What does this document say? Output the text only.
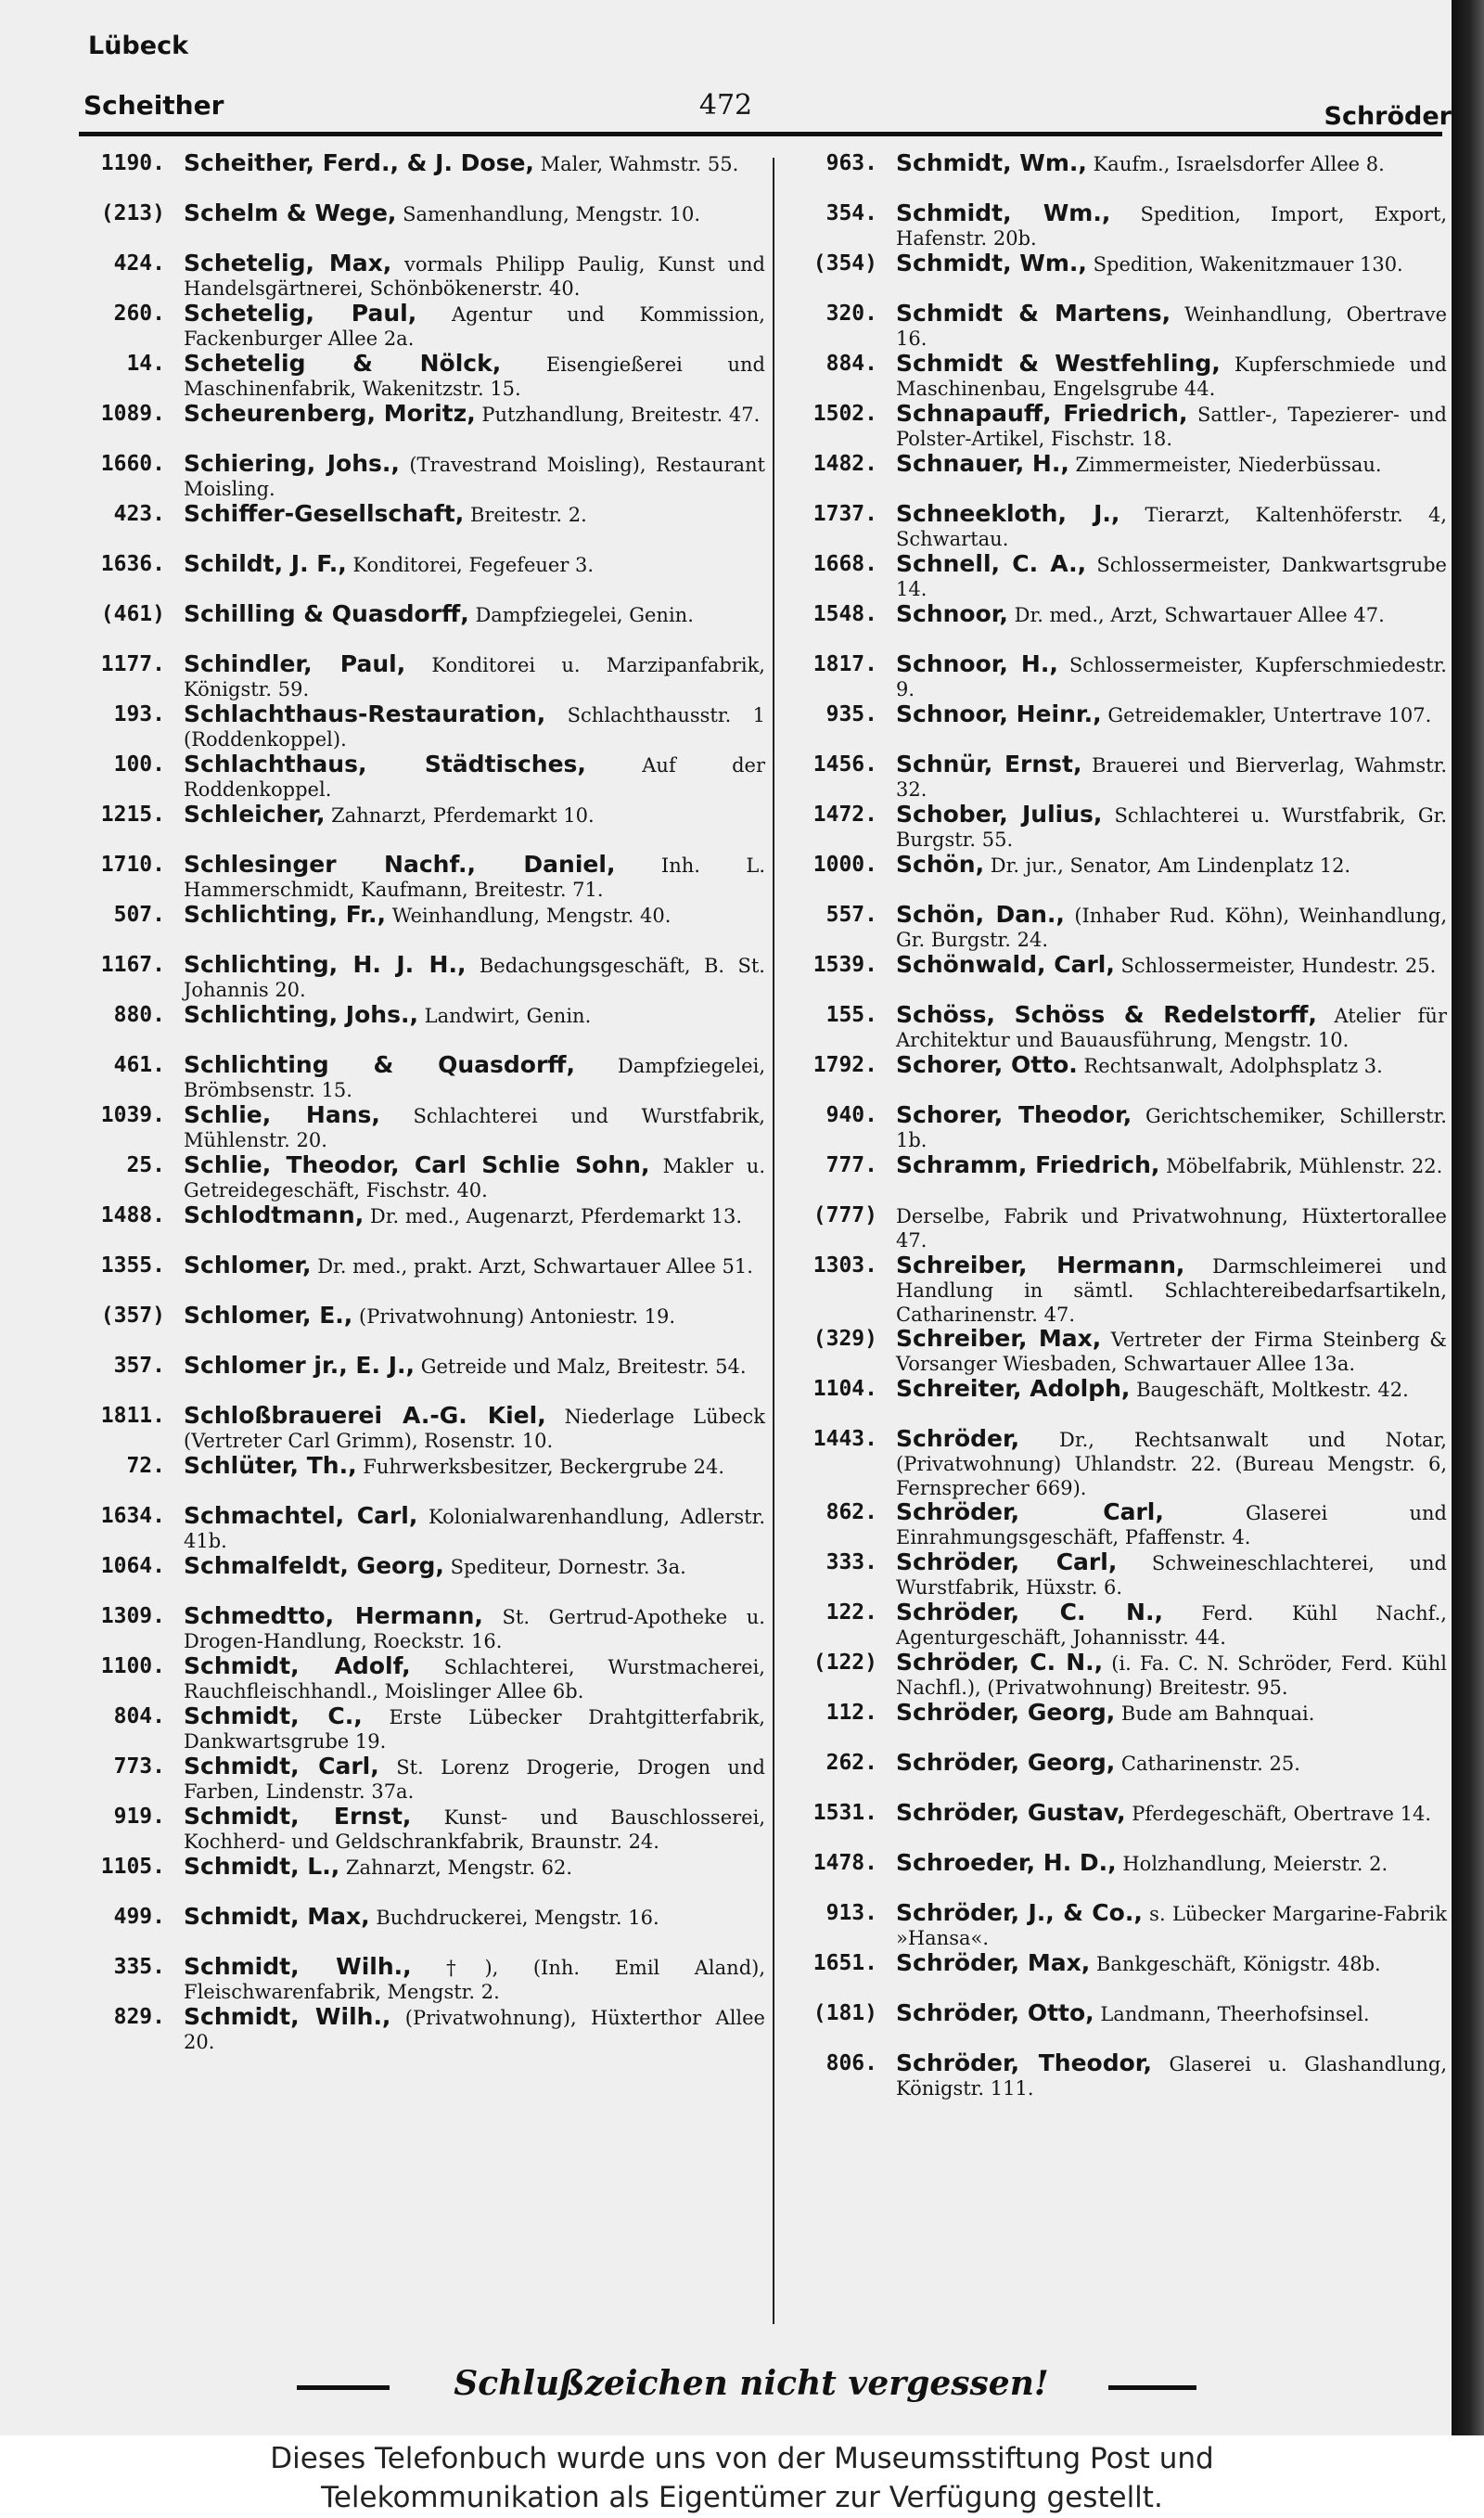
Lübeck
Scheither	472	Schröder
1190. Scheither, Ferd., & J. Dose, Maler, Wahmstr. 55.
(213) Schelm & Wege, Samenhandlung, Mengstr. 10.
424. Scheteliɡ, Max, vormals Philipp Paulig, Kunst und Handelsgärtnerei, Schönbökenerstr. 40.
260. Schetelig, Paul, Agentur und Kommission, Fackenburger Allee 2a.
14. Schetelig & Nölck, Eisengießerei und Maschinenfabrik, Wakenitzstr. 15.
1089. Scheurenberg, Moritz, Putzhandlung, Breitestr. 47.
1660. Schiering, Johs., (Travestrand Moisling), Restaurant Moisling.
423. Schiffer-Gesellschaft, Breitestr. 2.
1636. Schildt, J. F., Konditorei, Fegefeuer 3.
(461) Schilling & Quasdorff, Dampfziegelei, Genin.
1177. Schindler, Paul, Konditorei u. Marzipanfabrik, Königstr. 59.
193. Schlachthaus-Restauration, Schlachthausstr. 1 (Roddenkoppel).
100. Schlachthaus, Städtisches,	Auf der Roddenkoppel.
1215. Schleicher, Zahnarzt, Pferdemarkt 10.
1710. Schlesinger Nachf., Daniel, Inh. L. Hammerschmidt, Kaufmann, Breitestr. 71.
507. Schlichting, Fr., Weinhandlung, Mengstr. 40.
1167. Schlichting, H. J. H., Bedachungsgeschäft, B. St. Johannis 20.
880. Schlichting, Johs., Landwirt, Genin.
461. Schlichting & Quasdorff, Dampfziegelei, Brömbsenstr. 15.
1039. Schlie, Hans, Schlachterei und Wurstfabrik, Mühlenstr. 20.
25. Schlie, Theodor, Carl Schlie Sohn, Makler u. Getreidegeschäft, Fischstr. 40.
1488. Schlodtmann, Dr. med., Augenarzt, Pferdemarkt 13.
1355. Schlomer, Dr. med., prakt. Arzt, Schwartauer Allee 51.
(357) Schlomer, E., (Privatwohnung) Antoniestr. 19.
357. Schlomer jr., E. J., Getreide und Malz, Breitestr. 54.
1811. Schloßbrauerei A.-G. Kiel, Niederlage Lübeck (Vertreter Carl Grimm), Rosenstr. 10.
72. Schlüter, Th., Fuhrwerksbesitzer, Beckergrube 24.
1634. Schmachtel, Carl, Kolonialwarenhandlung, Adlerstr. 41b.
1064. Schmalfeldt, Georg, Spediteur, Dornestr. 3a.
1309. Schmedtto, Hermann, St. Gertrud-Apotheke u. Drogen-Handlung, Roeckstr. 16.
1100. Schmidt, Adolf, Schlachterei, Wurstmacherei, Rauchfleischhandl., Moislinger Allee 6b.
804. Schmidt, C., Erste Lübecker Drahtgitterfabrik, Dankwartsgrube 19.
773. Schmidt, Carl, St. Lorenz Drogerie, Drogen und Farben, Lindenstr. 37a.
919. Schmidt, Ernst, Kunst- und Bauschlosserei, Kochherd- und Geldschrankfabrik, Braunstr. 24.
1105. Schmidt, L., Zahnarzt, Mengstr. 62.
499. Schmidt, Max, Buchdruckerei, Mengstr. 16.
335. Schmidt, Wilh., †), (Inh. Emil Aland), Fleischwarenfabrik, Mengstr. 2.
829. Schmidt, Wilh., (Privatwohnung), Hüxterthor Allee 20.
963. Schmidt, Wm., Kaufm., Israelsdorfer Allee 8.
354. Schmidt, Wm., Spedition, Import, Export, Hafenstr. 20b.
(354) Schmidt, Wm., Spedition, Wakenitzmauer 130.
320. Schmidt & Martens, Weinhandlung, Obertrave 16.
884. Schmidt & Westfehling, Kupferschmiede und Maschinenbau, Engelsgrube 44.
1502. Schnapauff, Friedrich, Sattler-, Tapezierer- und Polster-Artikel, Fischstr. 18.
1482. Schnauer, H., Zimmermeister, Niederbüssau.
1737. Schneekloth, J., Tierarzt, Kaltenhöferstr. 4, Schwartau.
1668. Schnell, C. A., Schlossermeister, Dankwartsgrube 14.
1548. Schnoor, Dr. med., Arzt, Schwartauer Allee 47.
1817. Schnoor, H., Schlossermeister, Kupferschmiedestr. 9.
935. Schnoor, Heinr., Getreidemakler, Untertrave 107.
1456. Schnür, Ernst, Brauerei und Bierverlag, Wahmstr. 32.
1472. Schober, Julius, Schlachterei u. Wurstfabrik, Gr. Burgstr. 55.
1000. Schön, Dr. jur., Senator, Am Lindenplatz 12.
557. Schön, Dan., (Inhaber Rud. Köhn), Weinhandlung, Gr. Burgstr. 24.
1539. Schönwald, Carl, Schlossermeister, Hundestr. 25.
155. Schöss, Schöss & Redelstorff, Atelier für Architektur und Bauausführung, Mengstr. 10.
1792. Schorer, Otto. Rechtsanwalt, Adolphsplatz 3.
940. Schorer, Theodor, Gerichtschemiker, Schillerstr. 1b.
777. Schramm, Friedrich, Möbelfabrik, Mühlenstr. 22.
(777) Derselbe, Fabrik und Privatwohnung, Hüxtertorallee 47.
1303. Schreiber, Hermann, Darmschleimerei und Handlung in sämtl. Schlachtereibedarfsartikeln, Catharinenstr. 47.
(329) Schreiber, Max, Vertreter der Firma Steinberg & Vorsanger Wiesbaden, Schwartauer Allee 13a.
1104. Schreiter, Adolph, Baugeschäft, Moltkestr. 42.
1443. Schröder, Dr., Rechtsanwalt und Notar, (Privatwohnung) Uhlandstr. 22. (Bureau Mengstr. 6, Fernsprecher 669).
862. Schröder, Carl,	Glaserei und Einrahmungsgeschäft, Pfaffenstr. 4.
333. Schröder, Carl, Schweineschlachterei, und Wurstfabrik, Hüxstr. 6.
122. Schröder, C. N., Ferd. Kühl Nachf., Agenturgeschäft, Johannisstr. 44.
(122) Schröder, C. N., (i. Fa. C. N. Schröder, Ferd. Kühl Nachfl.), (Privatwohnung) Breitestr. 95.
112. Schröder, Georg, Bude am Bahnquai.
262. Schröder, Georg, Catharinenstr. 25.
1531. Schröder, Gustav, Pferdegeschäft, Obertrave 14.
1478. Schroeder, H. D., Holzhandlung, Meierstr. 2.
913. Schröder, J., & Co., s. Lübecker Margarine-Fabrik »Hansa«.
1651. Schröder, Max, Bankgeschäft, Königstr. 48b.
(181) Schröder, Otto, Landmann, Theerhofsinsel.
806. Schröder, Theodor, Glaserei u. Glashandlung, Königstr. 111.
Schlußzeichen nicht vergessen!
Dieses Telefonbuch wurde uns von der Museumsstiftung Post und
Telekommunikation als Eigentümer zur Verfügung gestellt.
